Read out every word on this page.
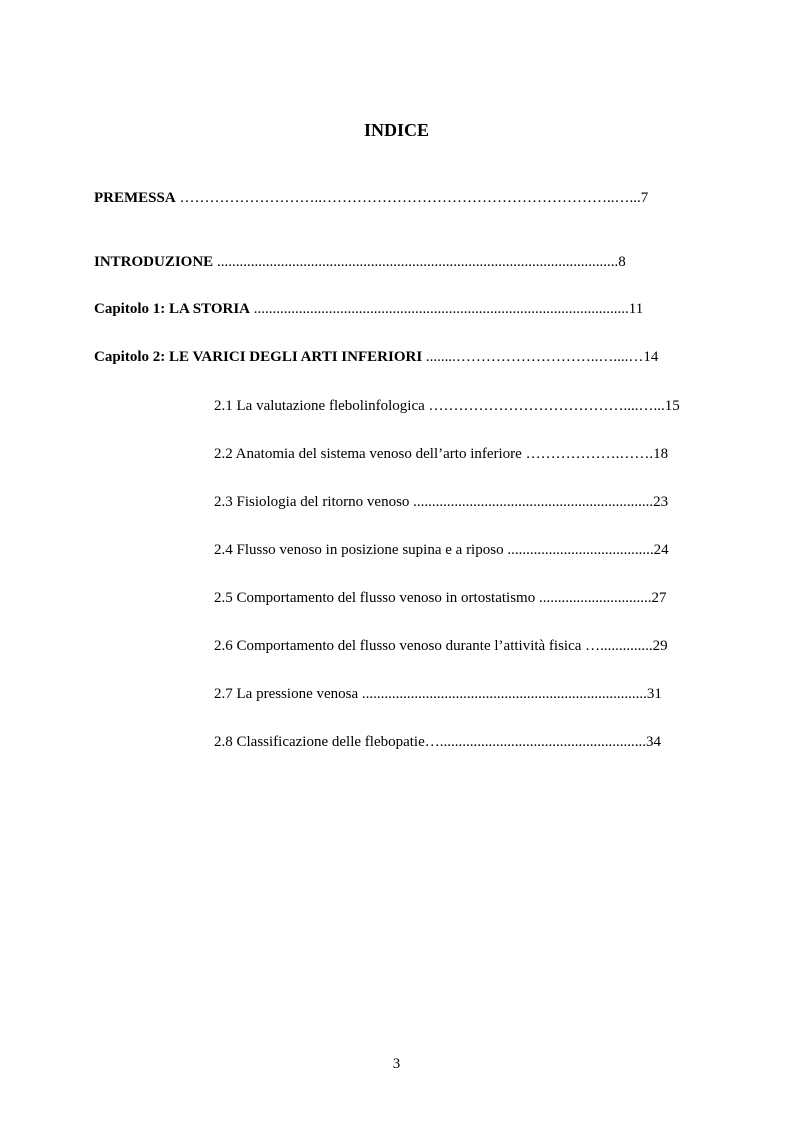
INDICE
PREMESSA ………………………..…………………………………………………..…...7
INTRODUZIONE ...........................................................................................................8
Capitolo 1: LA STORIA ....................................................................................................11
Capitolo 2: LE VARICI DEGLI ARTI INFERIORI ........………………………..…....…14
2.1 La valutazione flebolinfologica …………………………………....…...15
2.2 Anatomia del sistema venoso dell’arto inferiore ……………….…….18
2.3 Fisiologia del ritorno venoso ................................................................23
2.4 Flusso venoso in posizione supina e a riposo .......................................24
2.5 Comportamento del flusso venoso in ortostatismo ..............................27
2.6 Comportamento del flusso venoso durante l’attività fisica …..............29
2.7 La pressione venosa ............................................................................31
2.8 Classificazione delle flebopatie….......................................................34
3
